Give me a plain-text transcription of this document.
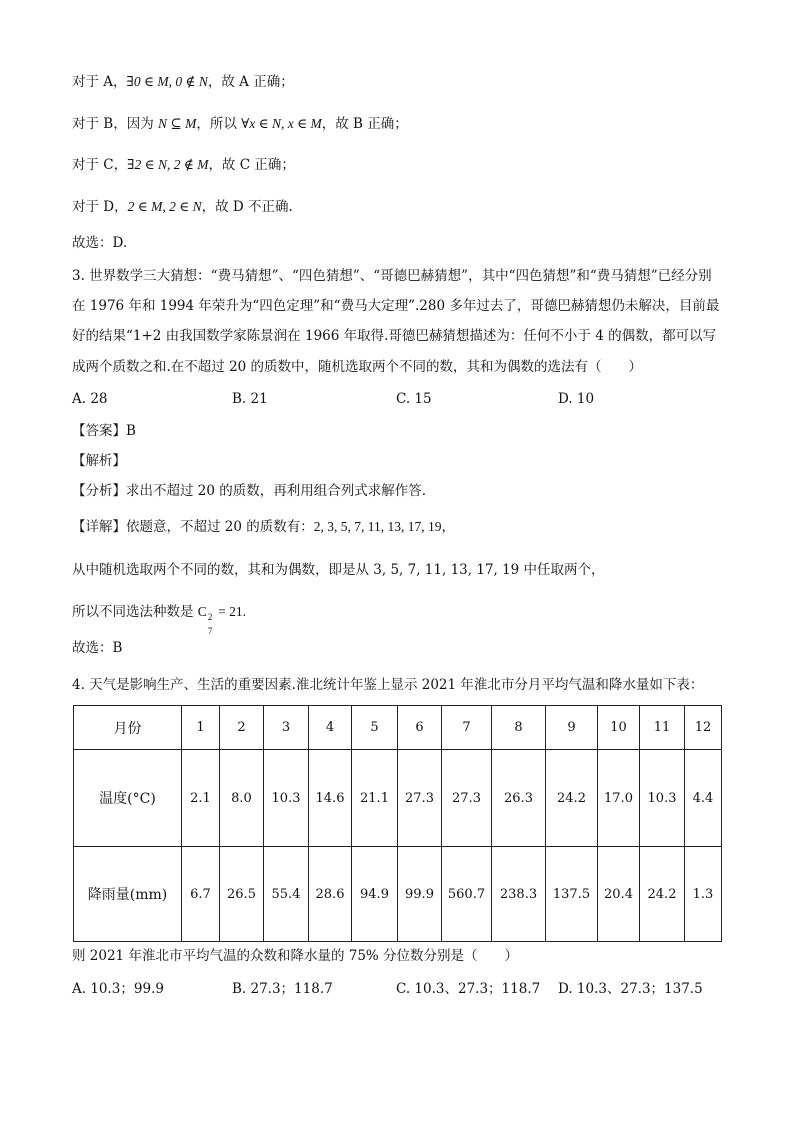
对于 A，∃0 ∈ M, 0 ∉ N，故 A 正确；
对于 B，因为 N ⊆ M，所以 ∀x ∈ N, x ∈ M，故 B 正确；
对于 C，∃2 ∈ N, 2 ∉ M，故 C 正确；
对于 D，2 ∈ M, 2 ∈ N，故 D 不正确.
故选：D.
3. 世界数学三大猜想：“费马猜想”、“四色猜想”、“哥德巴赫猜想”，其中“四色猜想”和“费马猜想”已经分别
在 1976 年和 1994 年荣升为“四色定理”和“费马大定理”.280 多年过去了，哥德巴赫猜想仍未解决，目前最
好的结果“1+2 由我国数学家陈景润在 1966 年取得.哥德巴赫猜想描述为：任何不小于 4 的偶数，都可以写
成两个质数之和.在不超过 20 的质数中，随机选取两个不同的数，其和为偶数的选法有（　　）
A. 28	B. 21	C. 15	D. 10
【答案】B
【解析】
【分析】求出不超过 20 的质数，再利用组合列式求解作答.
【详解】依题意，不超过 20 的质数有：2, 3, 5, 7, 11, 13, 17, 19，
从中随机选取两个不同的数，其和为偶数，即是从 3, 5, 7, 11, 13, 17, 19 中任取两个，
所以不同选法种数是 C 2
7
= 21.
故选：B
4. 天气是影响生产、生活的重要因素.淮北统计年鉴上显示 2021 年淮北市分月平均气温和降水量如下表：
月份	1	2	3	4	5	6	7	8	9	10	11	12
温度(°C)	2.1	8.0	10.3	14.6	21.1	27.3	27.3	26.3	24.2	17.0	10.3	4.4
降雨量(mm)	6.7	26.5	55.4	28.6	94.9	99.9	560.7	238.3	137.5	20.4	24.2	1.3
则 2021 年淮北市平均气温的众数和降水量的 75% 分位数分别是（　　）
A. 10.3；99.9	B. 27.3；118.7	C. 10.3、27.3；118.7 D. 10.3、27.3；137.5
